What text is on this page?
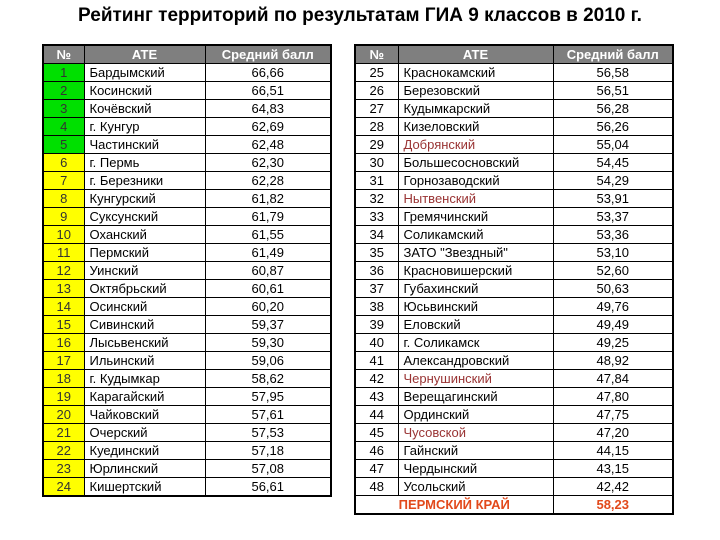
Рейтинг территорий по результатам ГИА 9 классов в 2010 г.
№	АТЕ	Средний балл
1	Бардымский	66,66
2	Косинский	66,51
3	Кочёвский	64,83
4	г. Кунгур	62,69
5	Частинский	62,48
6	г. Пермь	62,30
7	г. Березники	62,28
8	Кунгурский	61,82
9	Суксунский	61,79
10	Оханский	61,55
11	Пермский	61,49
12	Уинский	60,87
13	Октябрьский	60,61
14	Осинский	60,20
15	Сивинский	59,37
16	Лысьвенский	59,30
17	Ильинский	59,06
18	г. Кудымкар	58,62
19	Карагайский	57,95
20	Чайковский	57,61
21	Очерский	57,53
22	Куединский	57,18
23	Юрлинский	57,08
24	Кишертский	56,61
№	АТЕ	Средний балл
25	Краснокамский	56,58
26	Березовский	56,51
27	Кудымкарский	56,28
28	Кизеловский	56,26
29	Добрянский	55,04
30	Большесосновский	54,45
31	Горнозаводский	54,29
32	Нытвенский	53,91
33	Гремячинский	53,37
34	Соликамский	53,36
35	ЗАТО "Звездный"	53,10
36	Красновишерский	52,60
37	Губахинский	50,63
38	Юсьвинский	49,76
39	Еловский	49,49
40	г. Соликамск	49,25
41	Александровский	48,92
42	Чернушинский	47,84
43	Верещагинский	47,80
44	Ординский	47,75
45	Чусовской	47,20
46	Гайнский	44,15
47	Чердынский	43,15
48	Усольский	42,42
ПЕРМСКИЙ КРАЙ		58,23
